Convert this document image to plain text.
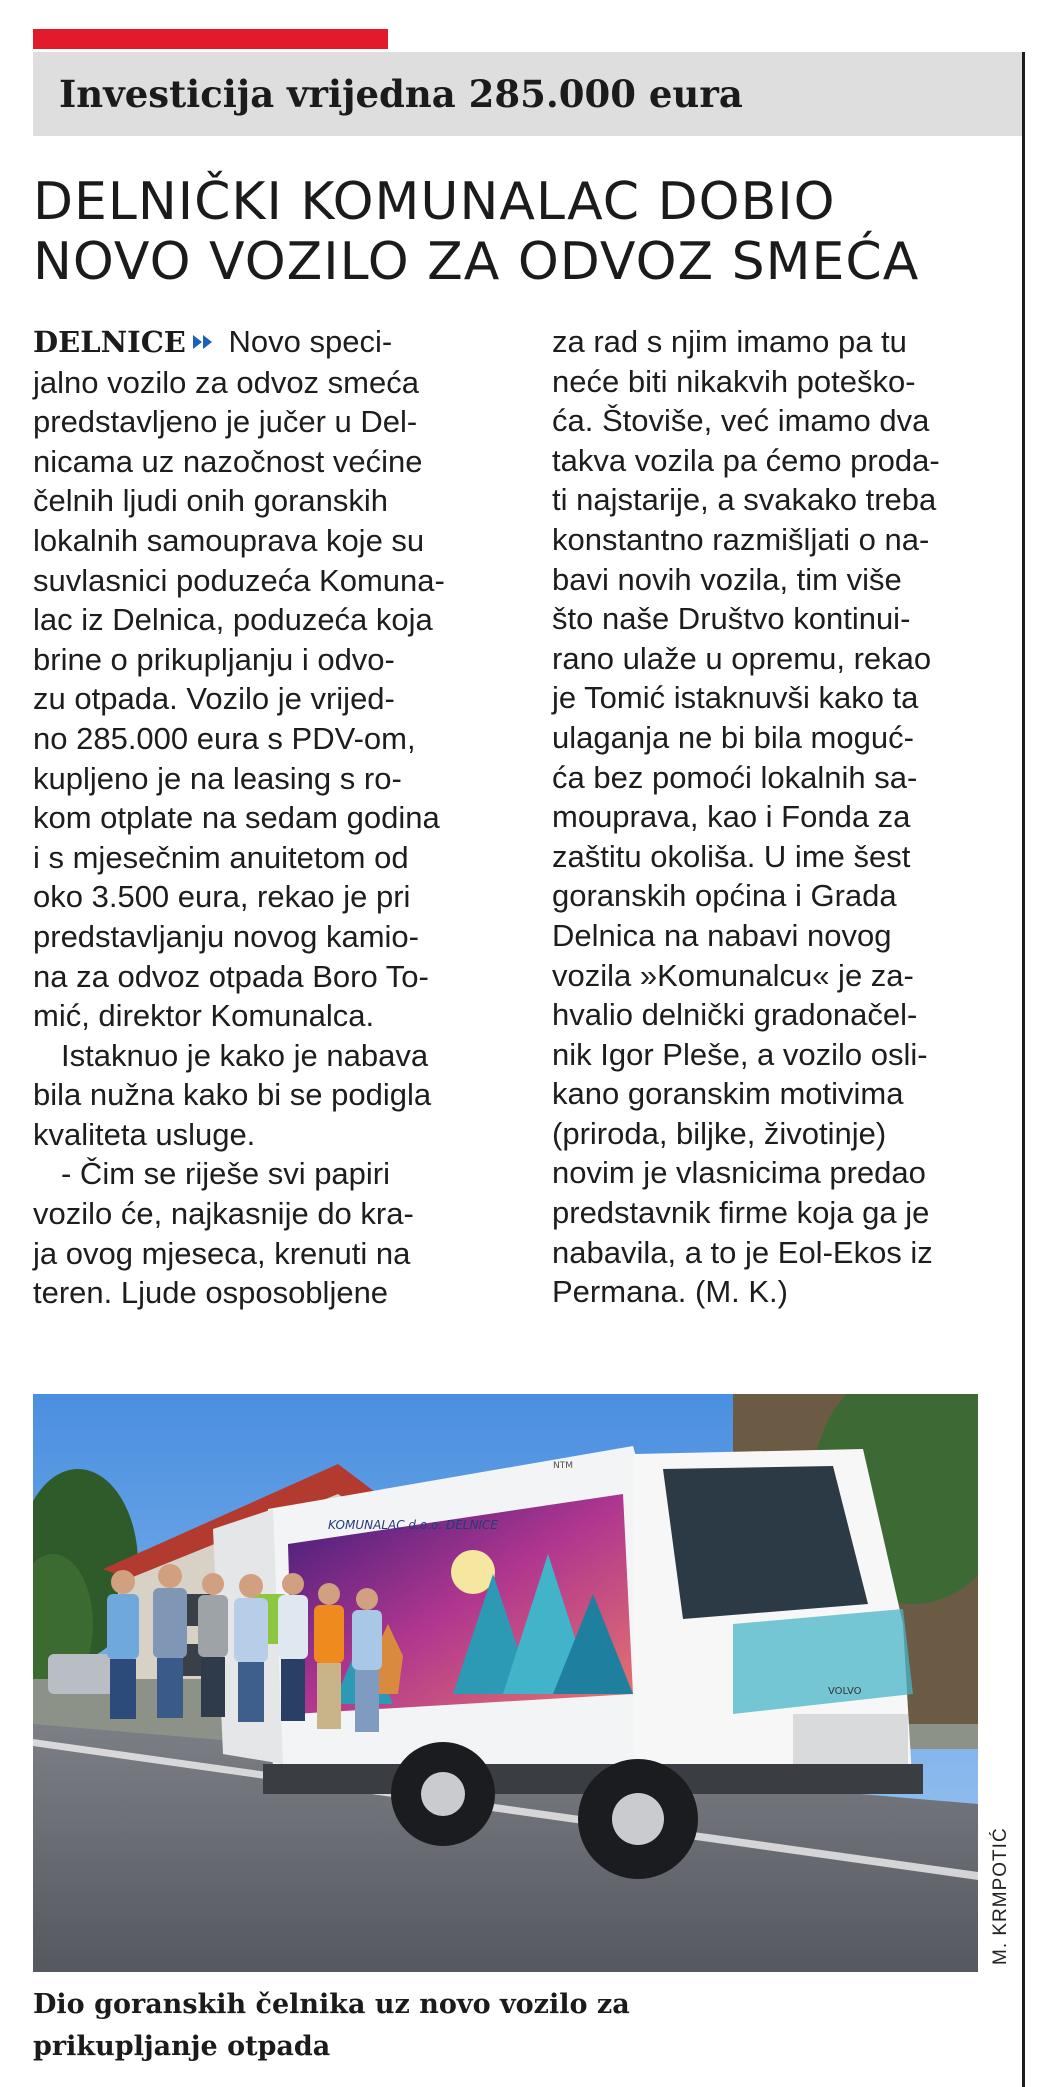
Investicija vrijedna 285.000 eura
DELNIČKI KOMUNALAC DOBIO
NOVO VOZILO ZA ODVOZ SMEĆA
DELNICE Novo speci-
jalno vozilo za odvoz smeća
predstavljeno je jučer u Del-
nicama uz nazočnost većine
čelnih ljudi onih goranskih
lokalnih samouprava koje su
suvlasnici poduzeća Komuna-
lac iz Delnica, poduzeća koja
brine o prikupljanju i odvo-
zu otpada. Vozilo je vrijed-
no 285.000 eura s PDV-om,
kupljeno je na leasing s ro-
kom otplate na sedam godina
i s mjesečnim anuitetom od
oko 3.500 eura, rekao je pri
predstavljanju novog kamio-
na za odvoz otpada Boro To-
mić, direktor Komunalca.
Istaknuo je kako je nabava
bila nužna kako bi se podigla
kvaliteta usluge.
- Čim se riješe svi papiri
vozilo će, najkasnije do kra-
ja ovog mjeseca, krenuti na
teren. Ljude osposobljene
za rad s njim imamo pa tu
neće biti nikakvih poteško-
ća. Štoviše, već imamo dva
takva vozila pa ćemo proda-
ti najstarije, a svakako treba
konstantno razmišljati o na-
bavi novih vozila, tim više
što naše Društvo kontinui-
rano ulaže u opremu, rekao
je Tomić istaknuvši kako ta
ulaganja ne bi bila moguć-
ća bez pomoći lokalnih sa-
mouprava, kao i Fonda za
zaštitu okoliša. U ime šest
goranskih općina i Grada
Delnica na nabavi novog
vozila »Komunalcu« je za-
hvalio delnički gradonačel-
nik Igor Pleše, a vozilo osli-
kano goranskim motivima
(priroda, biljke, životinje)
novim je vlasnicima predao
predstavnik firme koja ga je
nabavila, a to je Eol-Ekos iz
Permana. (M. K.)
KOMUNALAC d.o.o. DELNICE
NTM
VOLVO
M. KRMPOTIĆ
Dio goranskih čelnika uz novo vozilo za
prikupljanje otpada
